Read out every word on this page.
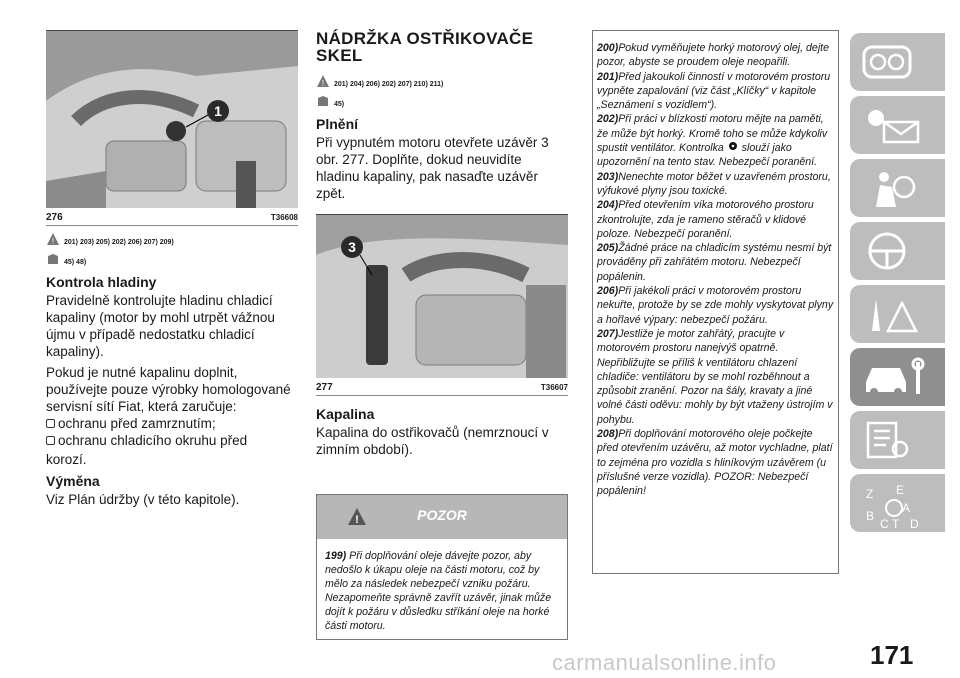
1
276	T36608
! 201) 203) 205) 202) 206) 207) 209)
45) 48)
Kontrola hladiny

Pravidelně kontrolujte hladinu chladicí kapaliny (motor by mohl utrpět vážnou újmu v případě nedostatku chladicí kapaliny).

Pokud je nutné kapalinu doplnit, používejte pouze výrobky homologované servisní sítí Fiat, která zaručuje:

ochranu před zamrznutím;
ochranu chladicího okruhu před

korozí.

Výměna

Viz Plán údržby (v této kapitole).

NÁDRŽKA OSTŘIKOVAČE SKEL
! 201) 204) 206) 202) 207) 210) 211)
45)
Plnění

Při vypnutém motoru otevřete uzávěr 3 obr. 277. Doplňte, dokud neuvidíte hladinu kapaliny, pak nasaďte uzávěr zpět.

3
277	T36607
Kapalina

Kapalina do ostřikovačů (nemrznoucí v zimním období).

!	POZOR
199) Při doplňování oleje dávejte pozor, aby nedošlo k úkapu oleje na části motoru, což by mělo za následek nebezpečí vzniku požáru. Nezapomeňte správně zavřít uzávěr, jinak může dojít k požáru v důsledku stříkání oleje na horké části motoru.
200)Pokud vyměňujete horký motorový olej, dejte pozor, abyste se proudem oleje neopařili.
201)Před jakoukoli činností v motorovém prostoru vypněte zapalování (viz část „Klíčky“ v kapitole „Seznámení s vozidlem“).
202)Při práci v blízkosti motoru mějte na paměti, že může být horký. Kromě toho se může kdykoliv spustit ventilátor. Kontrolka slouží jako upozornění na tento stav. Nebezpečí poranění.
203)Nenechte motor běžet v uzavřeném prostoru, výfukové plyny jsou toxické.
204)Před otevřením víka motorového prostoru zkontrolujte, zda je rameno stěračů v klidové poloze. Nebezpečí poranění.
205)Žádné práce na chladicím systému nesmí být prováděny při zahřátém motoru. Nebezpečí popálenin.
206)Při jakékoli práci v motorovém prostoru nekuřte, protože by se zde mohly vyskytovat plyny a hořlavé výpary: nebezpečí požáru.
207)Jestliže je motor zahřátý, pracujte v motorovém prostoru nanejvýš opatrně. Nepřibližujte se příliš k ventilátoru chlazení chladiče: ventilátoru by se mohl rozběhnout a způsobit zranění. Pozor na šály, kravaty a jiné volné části oděvu: mohly by být vtaženy ústrojím v pohybu.
208)Při doplňování motorového oleje počkejte před otevřením uzávěru, až motor vychladne, platí to zejména pro vozidla s hliníkovým uzávěrem (u příslušné verze vozidla). POZOR: Nebezpečí popálenin!	Z E
B
C T
A
D
carmanualsonline.info	171
